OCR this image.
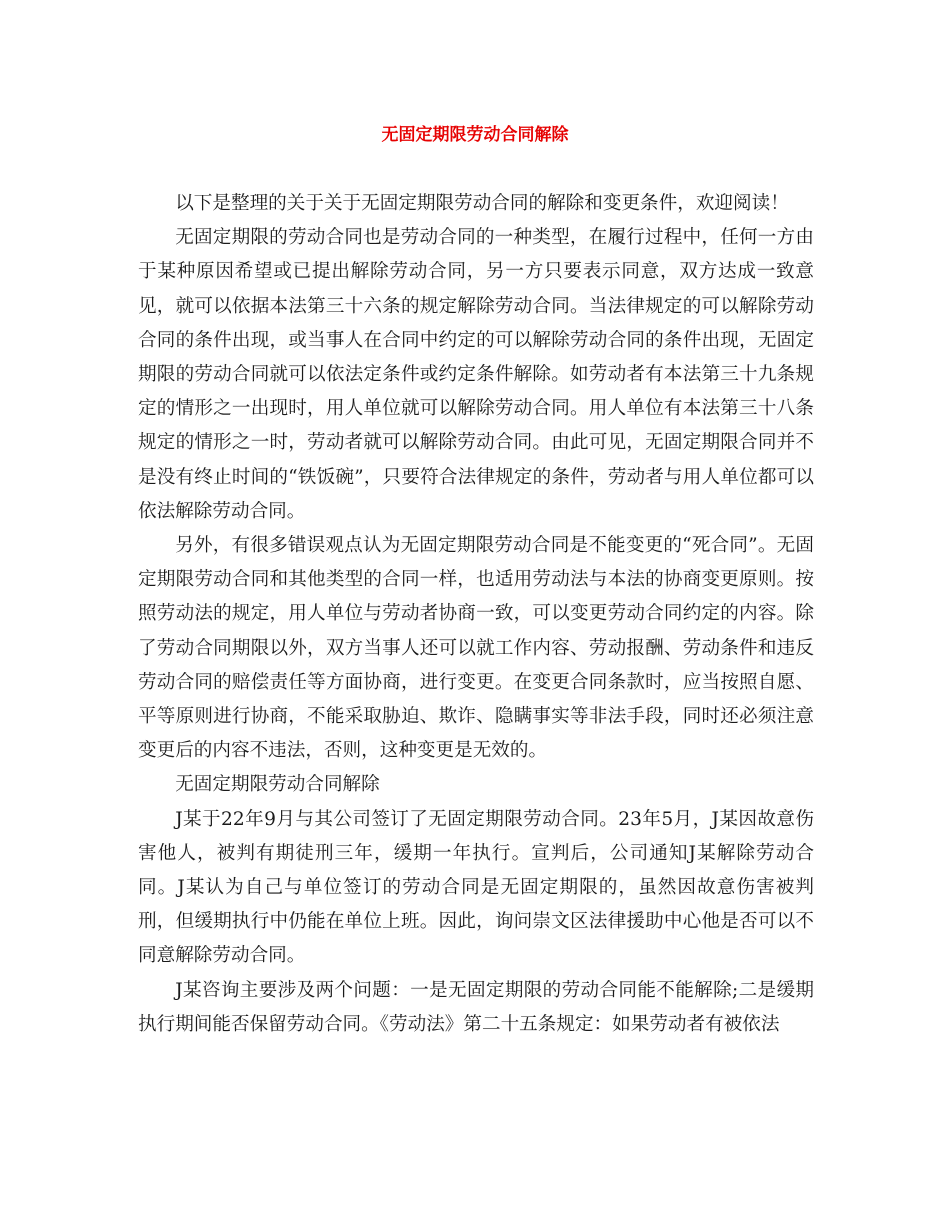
无固定期限劳动合同解除

以下是整理的关于关于无固定期限劳动合同的解除和变更条件，欢迎阅读！

无固定期限的劳动合同也是劳动合同的一种类型，在履行过程中，任何一方由于某种原因希望或已提出解除劳动合同，另一方只要表示同意，双方达成一致意见，就可以依据本法第三十六条的规定解除劳动合同。当法律规定的可以解除劳动合同的条件出现，或当事人在合同中约定的可以解除劳动合同的条件出现，无固定期限的劳动合同就可以依法定条件或约定条件解除。如劳动者有本法第三十九条规定的情形之一出现时，用人单位就可以解除劳动合同。用人单位有本法第三十八条规定的情形之一时，劳动者就可以解除劳动合同。由此可见，无固定期限合同并不是没有终止时间的“铁饭碗”，只要符合法律规定的条件，劳动者与用人单位都可以依法解除劳动合同。

另外，有很多错误观点认为无固定期限劳动合同是不能变更的“死合同”。无固定期限劳动合同和其他类型的合同一样，也适用劳动法与本法的协商变更原则。按照劳动法的规定，用人单位与劳动者协商一致，可以变更劳动合同约定的内容。除了劳动合同期限以外，双方当事人还可以就工作内容、劳动报酬、劳动条件和违反劳动合同的赔偿责任等方面协商，进行变更。在变更合同条款时，应当按照自愿、平等原则进行协商，不能采取胁迫、欺诈、隐瞒事实等非法手段，同时还必须注意变更后的内容不违法，否则，这种变更是无效的。

无固定期限劳动合同解除

J某于22年9月与其公司签订了无固定期限劳动合同。23年5月，J某因故意伤害他人，被判有期徒刑三年，缓期一年执行。宣判后，公司通知J某解除劳动合同。J某认为自己与单位签订的劳动合同是无固定期限的，虽然因故意伤害被判刑，但缓期执行中仍能在单位上班。因此，询问崇文区法律援助中心他是否可以不同意解除劳动合同。

J某咨询主要涉及两个问题：一是无固定期限的劳动合同能不能解除;二是缓期执行期间能否保留劳动合同。《劳动法》第二十五条规定：如果劳动者有被依法
